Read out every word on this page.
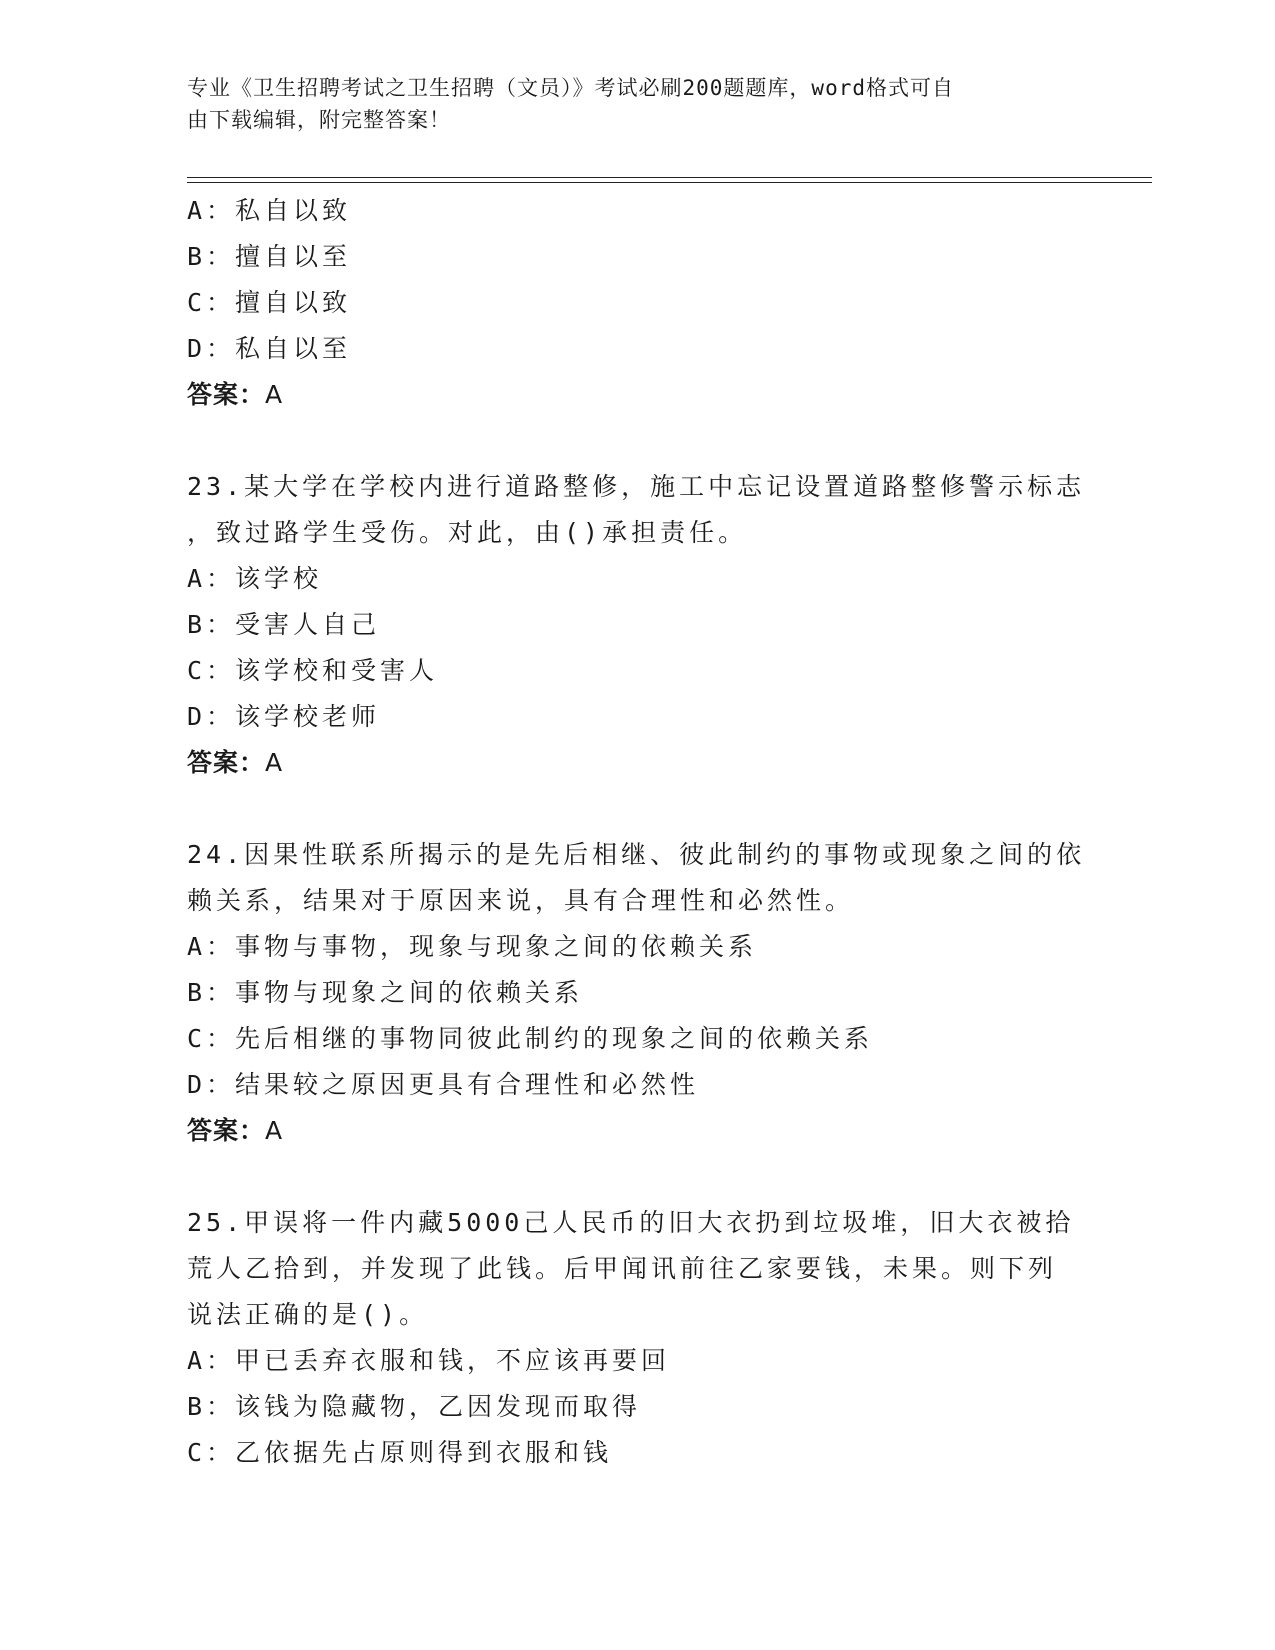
专业《卫生招聘考试之卫生招聘（文员）》考试必刷200题题库，word格式可自
由下载编辑，附完整答案！
A：私自以致
B：擅自以至
C：擅自以致
D：私自以至
答案：A
23.某大学在学校内进行道路整修，施工中忘记设置道路整修警示标志
，致过路学生受伤。对此，由()承担责任。
A：该学校
B：受害人自己
C：该学校和受害人
D：该学校老师
答案：A
24.因果性联系所揭示的是先后相继、彼此制约的事物或现象之间的依
赖关系，结果对于原因来说，具有合理性和必然性。
A：事物与事物，现象与现象之间的依赖关系
B：事物与现象之间的依赖关系
C：先后相继的事物同彼此制约的现象之间的依赖关系
D：结果较之原因更具有合理性和必然性
答案：A
25.甲误将一件内藏5000己人民币的旧大衣扔到垃圾堆，旧大衣被拾
荒人乙拾到，并发现了此钱。后甲闻讯前往乙家要钱，未果。则下列
说法正确的是()。
A：甲已丢弃衣服和钱，不应该再要回
B：该钱为隐藏物，乙因发现而取得
C：乙依据先占原则得到衣服和钱
